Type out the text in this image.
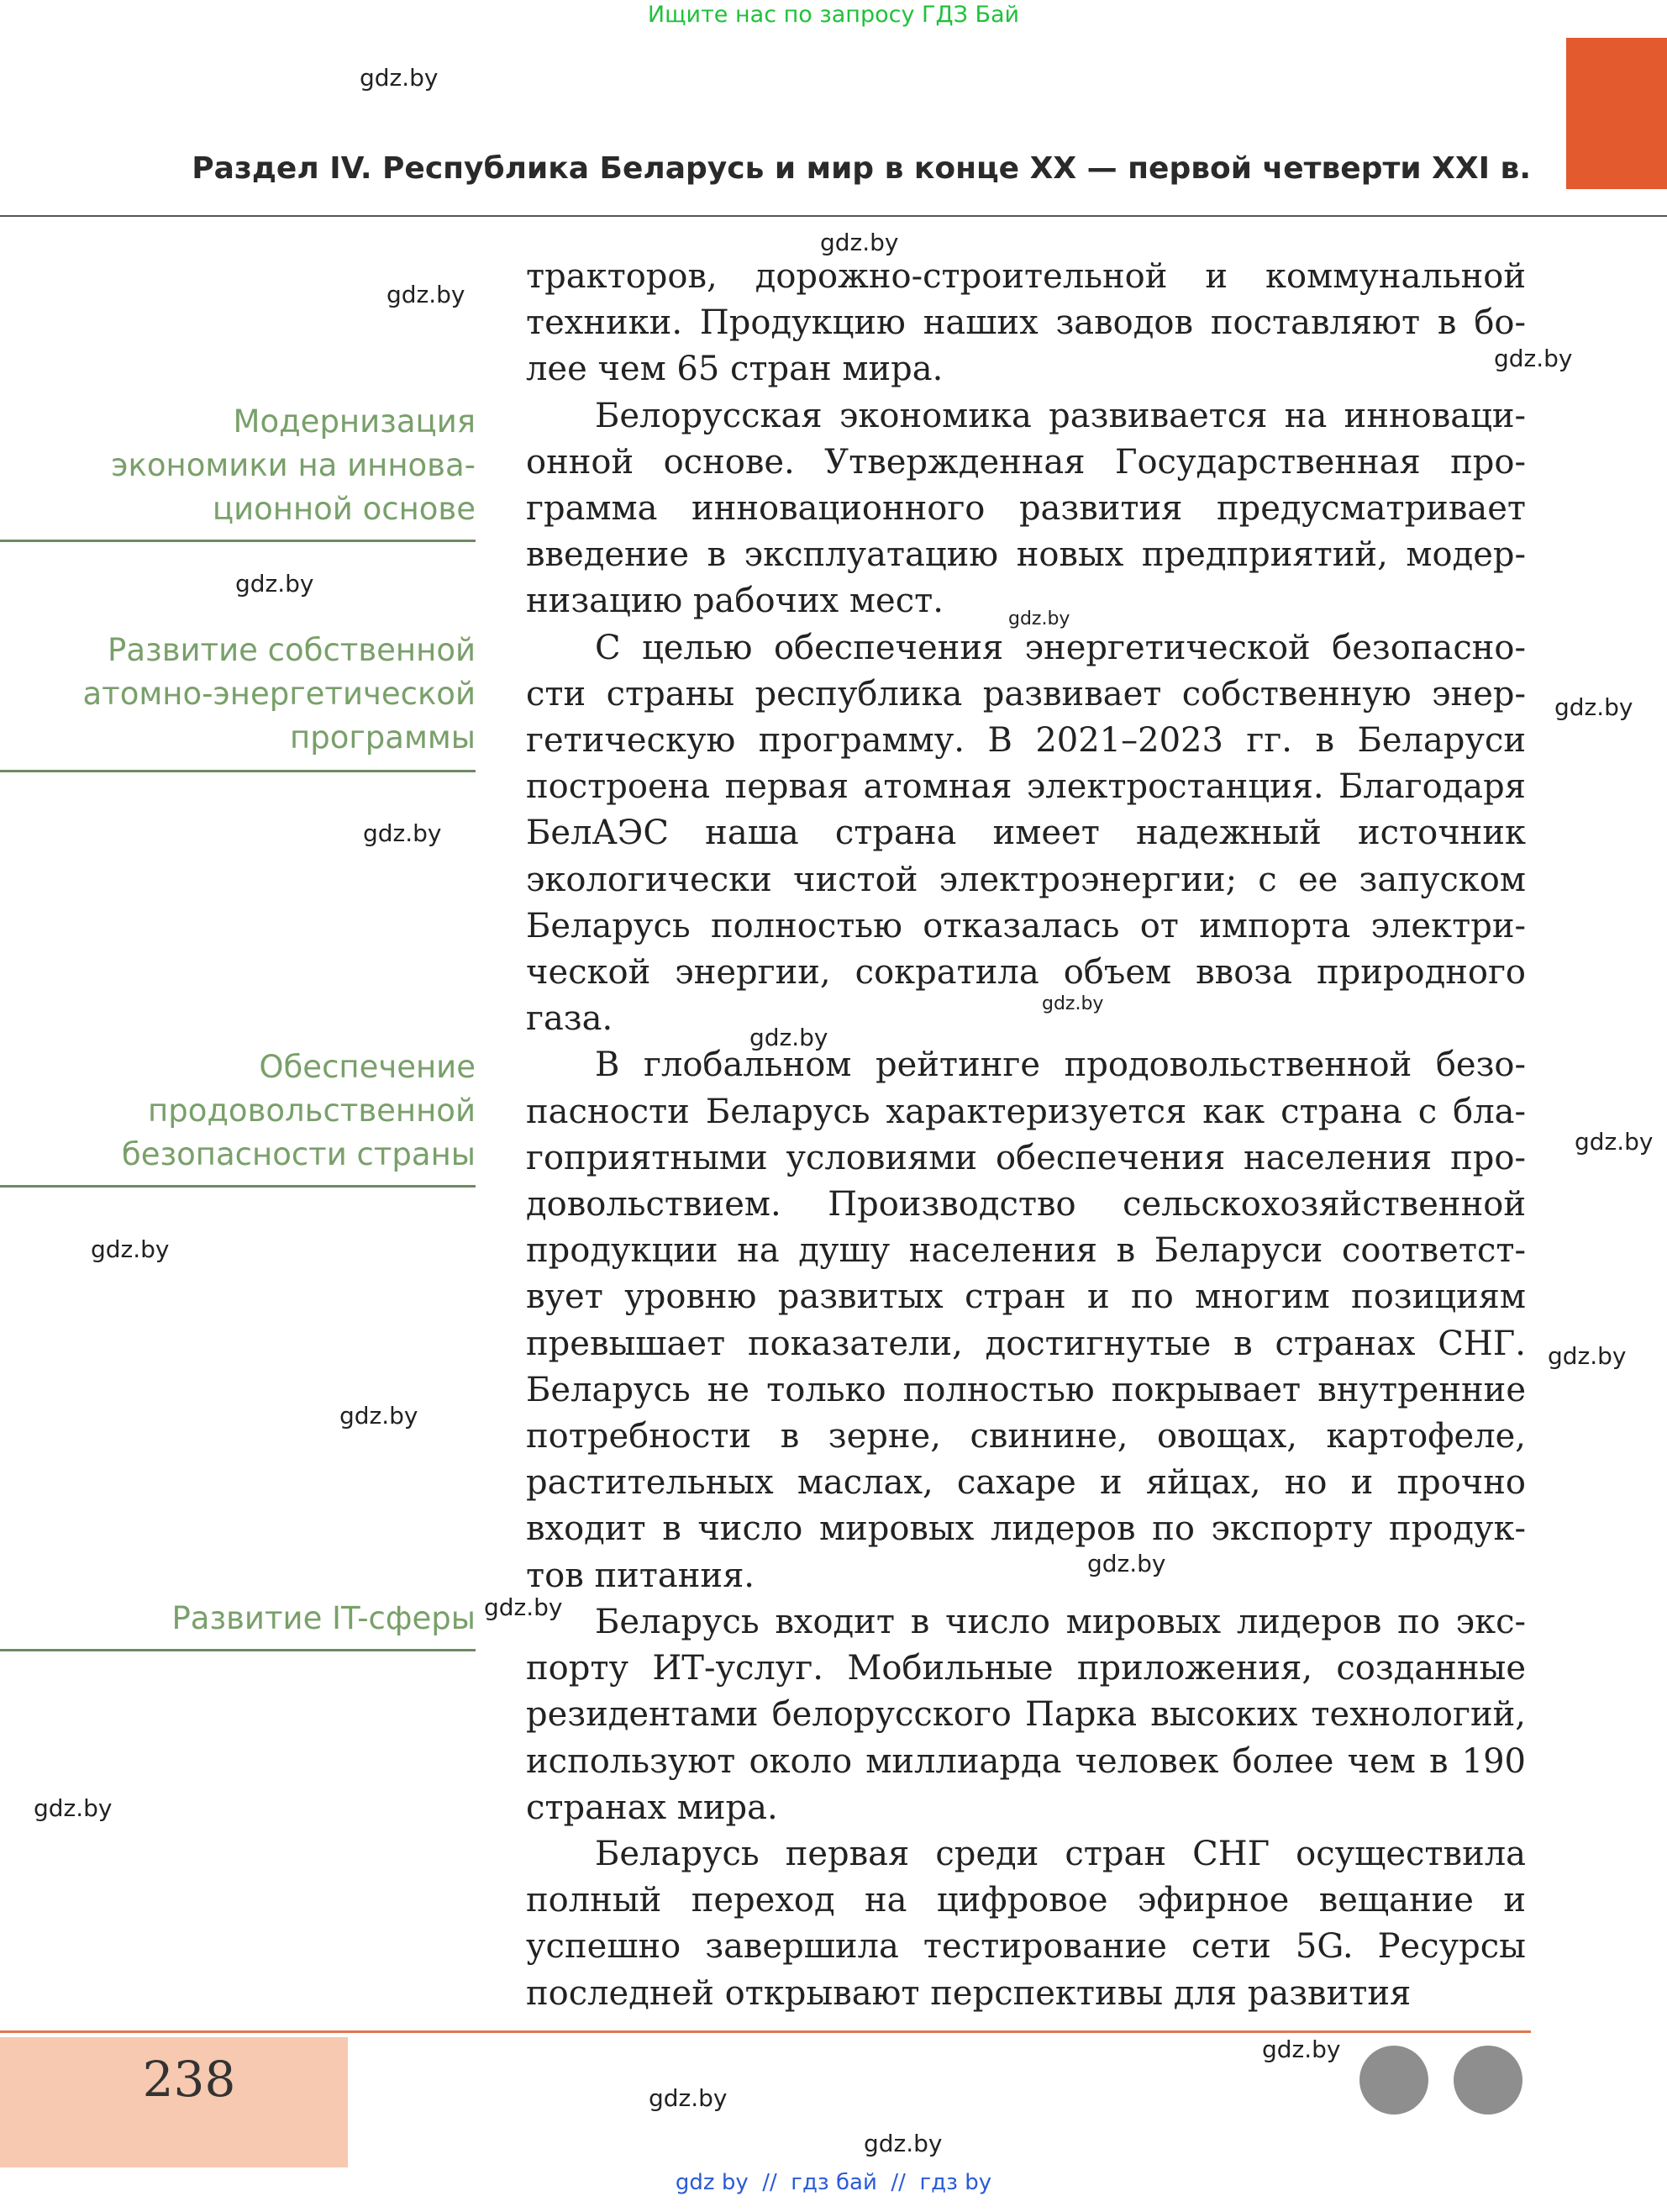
Ищите нас по запросу ГДЗ Бай
Раздел IV. Республика Беларусь и мир в конце XX — первой четверти XXI в.
gdz.by
gdz.by
gdz.by
gdz.by
gdz.by
gdz.by
gdz.by
gdz.by
gdz.by
gdz.by
gdz.by
gdz.by
gdz.by
gdz.by
gdz.by
gdz.by
gdz.by
gdz.by
gdz.by
gdz.by
Модернизация
экономики на иннова-
ционной основе
Развитие собственной
атомно-энергетической
программы
Обеспечение
продовольственной
безопасности страны
Развитие IT-сферы

тракторов, дорожно-строительной и коммунальной техники. Продукцию наших заводов поставляют в более чем 65 стран мира.

Белорусская экономика развивается на инновационной основе. Утвержденная Государственная программа инновационного развития предусматривает введение в эксплуатацию новых предприятий, модернизацию рабочих мест.

С целью обеспечения энергетической безопасности страны республика развивает собственную энергетическую программу. В 2021–2023 гг. в Беларуси построена первая атомная электростанция. Благодаря БелАЭС наша страна имеет надежный источник экологически чистой электроэнергии; с ее запуском Беларусь полностью отказалась от импорта электрической энергии, сократила объем ввоза природного газа.

В глобальном рейтинге продовольственной безопасности Беларусь характеризуется как страна с благоприятными условиями обеспечения населения продовольствием. Производство сельскохозяйственной продукции на душу населения в Беларуси соответствует уровню развитых стран и по многим позициям превышает показатели, достигнутые в странах СНГ. Беларусь не только полностью покрывает внутренние потребности в зерне, свинине, овощах, картофеле, растительных маслах, сахаре и яйцах, но и прочно входит в число мировых лидеров по экспорту продуктов питания.

Беларусь входит в число мировых лидеров по экспорту ИТ-услуг. Мобильные приложения, созданные резидентами белорусского Парка высоких технологий, используют около миллиарда человек более чем в 190 странах мира.

Беларусь первая среди стран СНГ осуществила полный переход на цифровое эфирное вещание и успешно завершила тестирование сети 5G. Ресурсы последней открывают перспективы для развития

238
gdz by  //  гдз бай  //  гдз by
